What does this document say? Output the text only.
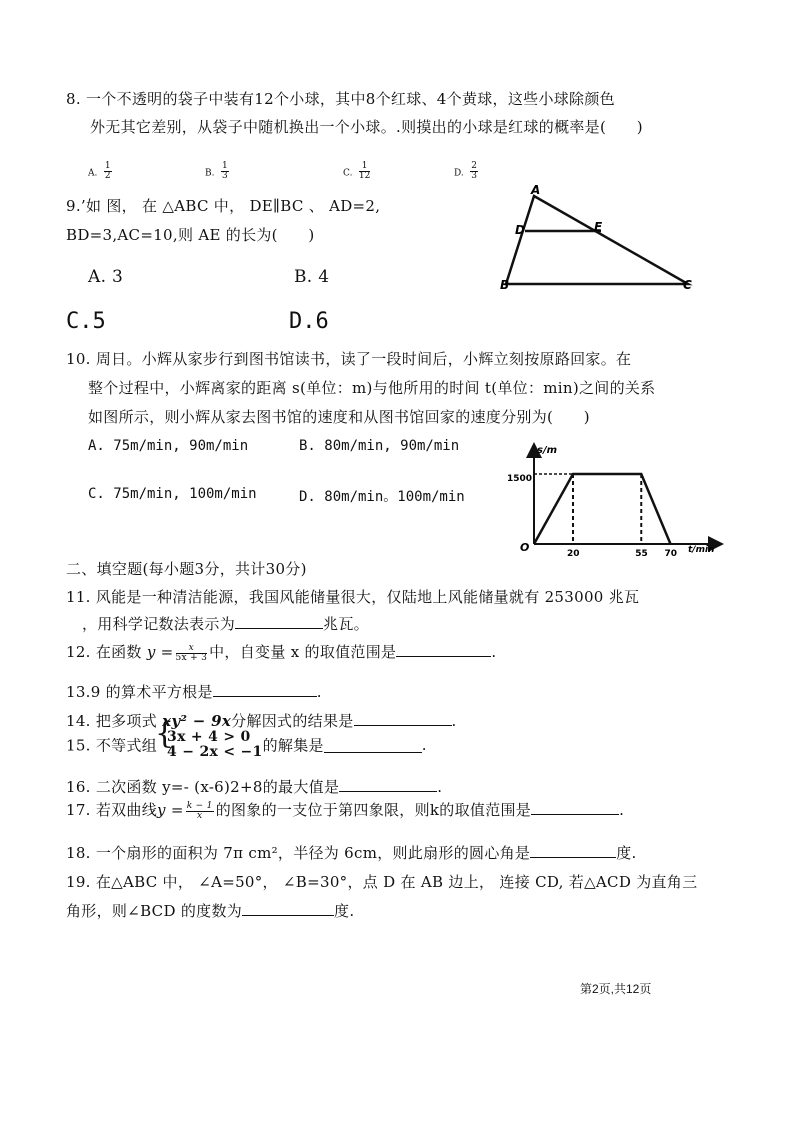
8. 一个不透明的袋子中装有12个小球，其中8个红球、4个黄球，这些小球除颜色
外无其它差别，从袋子中随机换出一个小球。.则摸出的小球是红球的概率是(　　)
A. $\frac{1}{2}$	B. $\frac{1}{3}$	C. $\frac{1}{12}$	D. $\frac{2}{3}$
9.’如 图， 在 △ABC 中， DE∥BC 、 AD=2,
BD=3,AC=10,则 AE 的长为(　　)
A. 3	B. 4
C.5	D.6
A
D	E
B	C
10. 周日。小辉从家步行到图书馆读书，读了一段时间后，小辉立刻按原路回家。在
整个过程中，小辉离家的距离 s(单位：m)与他所用的时间 t(单位：min)之间的关系
如图所示，则小辉从家去图书馆的速度和从图书馆回家的速度分别为(　　)
A. 75m/min, 90m/min	B. 80m/min, 90m/min
C. 75m/min, 100m/min	D. 80m/min。100m/min
20	55 70
s/m
t/min
O
1500
二、填空题(每小题3分，共计30分)
11. 风能是一种清洁能源，我国风能储量很大，仅陆地上风能储量就有 253000 兆瓦
，用科学记数法表示为	兆瓦。
12. 在函数 $y = \frac{x}{5x + 3}$ 中，自变量 x 的取值范围是	.
13.9 的算术平方根是	.
14. 把多项式 xy² − 9x分解因式的结果是	.
15. 不等式组
{ 3x + 4 > 0
4 − 2x < −1 的解集是	.
16. 二次函数 y=- (x-6)2+8的最大值是	.
17. 若双曲线$y = \frac{k - 1}{x}$ 的图象的一支位于第四象限，则k的取值范围是	.
18. 一个扇形的面积为 7π cm²，半径为 6cm，则此扇形的圆心角是	度.
19. 在△ABC 中， ∠A=50°， ∠B=30°，点 D 在 AB 边上， 连接 CD, 若△ACD 为直角三
角形，则∠BCD 的度数为	度.
第2页,共12页
